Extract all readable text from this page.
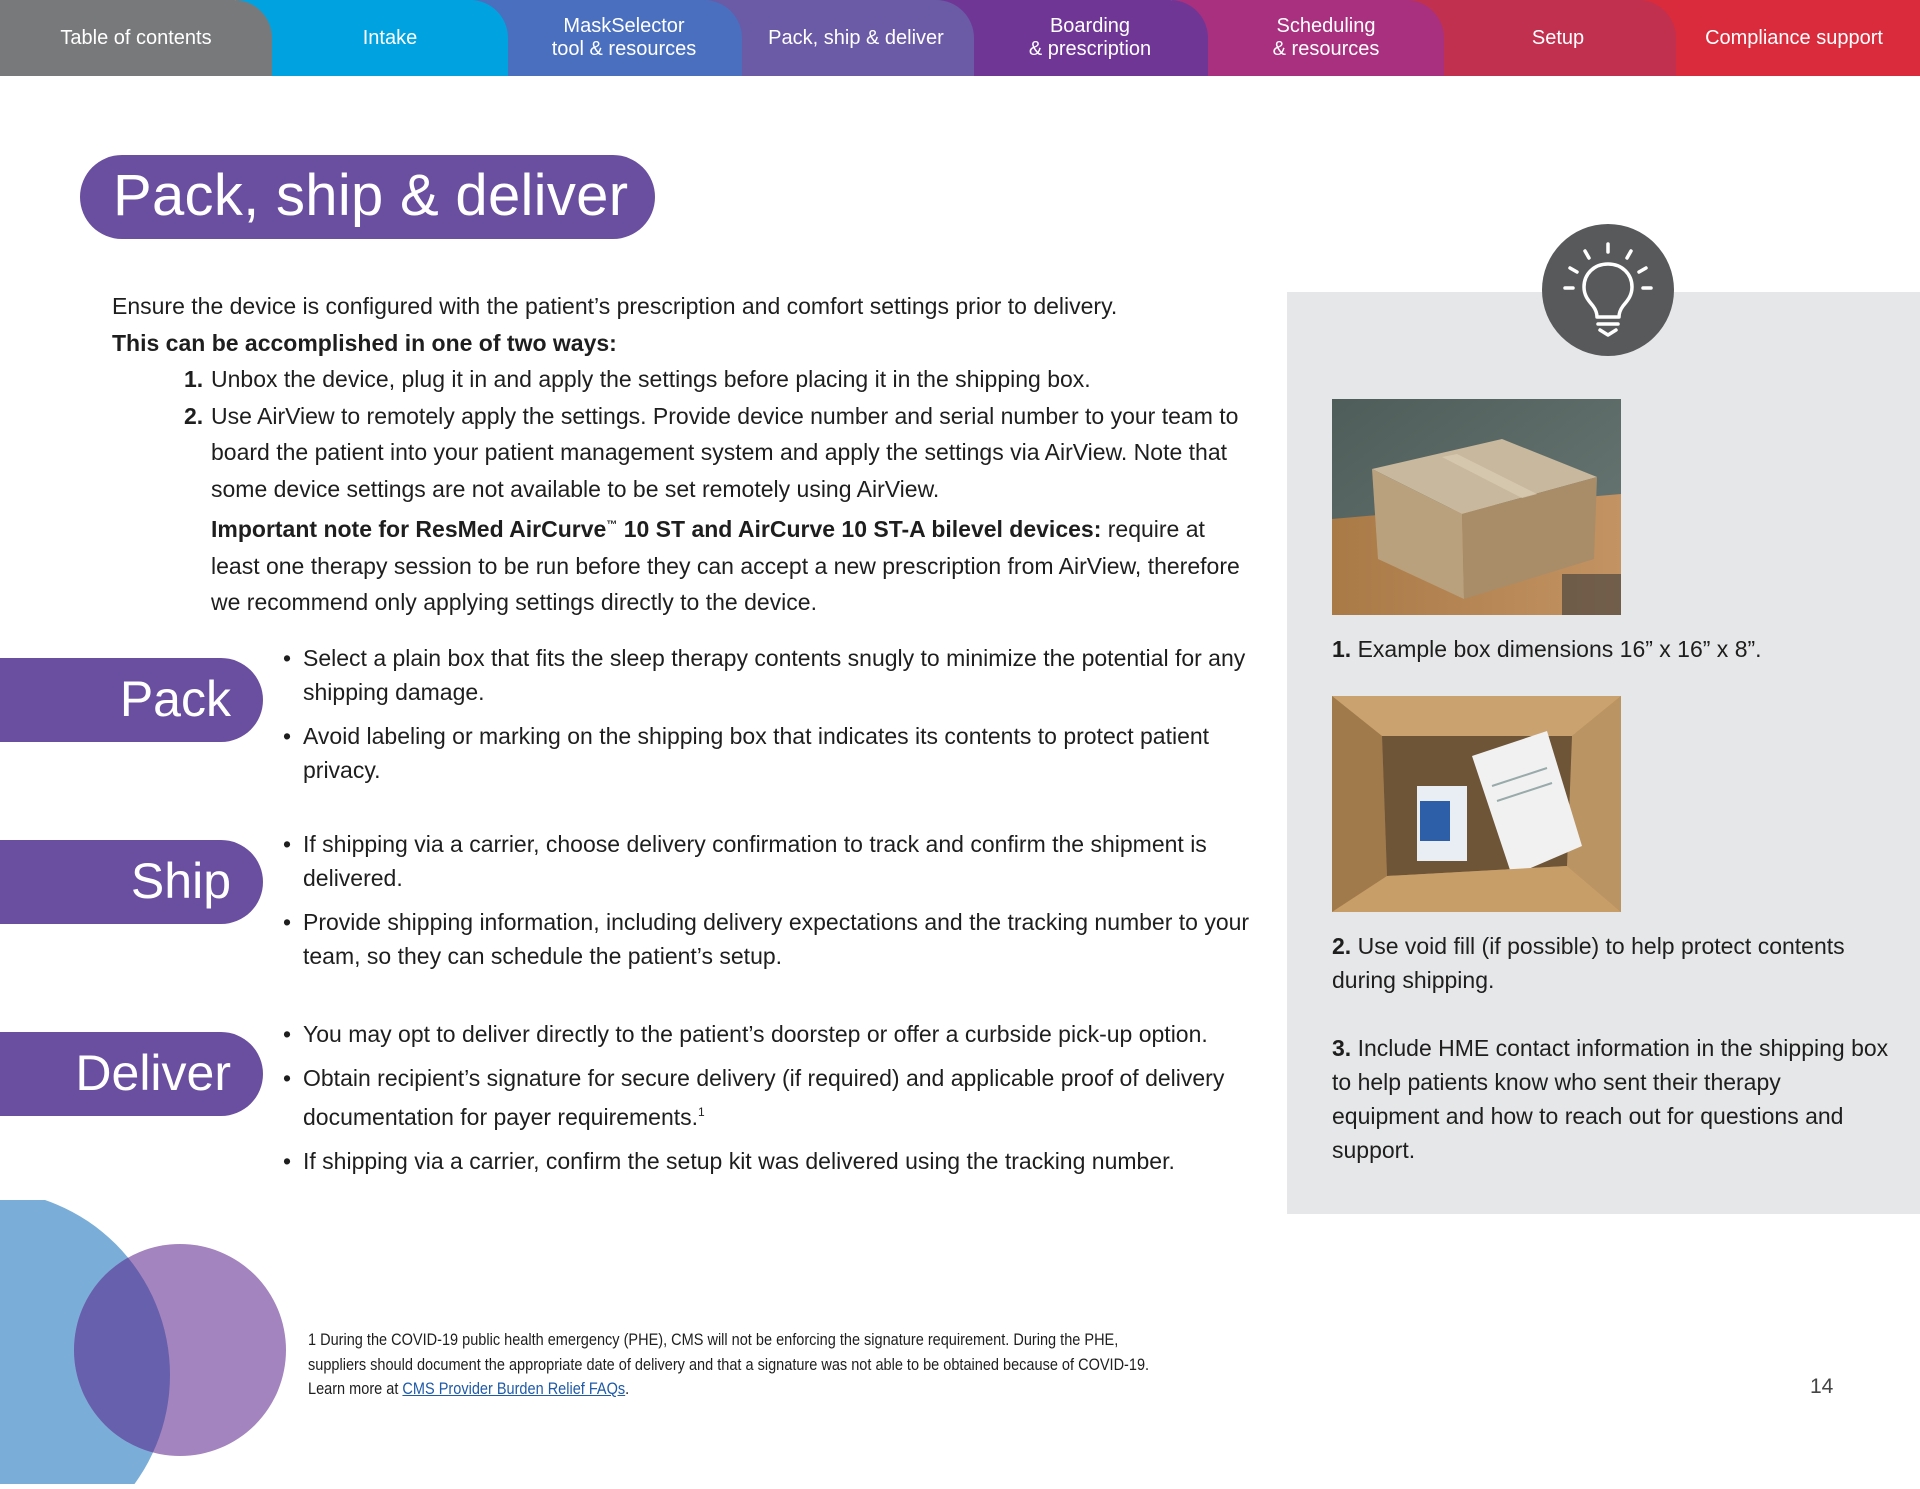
Table of contents	Intake
MaskSelector
tool & resources
Pack, ship & deliver
Boarding
& prescription
Scheduling
& resources
Setup	Compliance support
Pack, ship & deliver

Ensure the device is configured with the patient’s prescription and comfort settings prior to delivery.

This can be accomplished in one of two ways:

1. Unbox the device, plug it in and apply the settings before placing it in the shipping box.
2. Use AirView to remotely apply the settings. Provide device number and serial number to your team to board the patient into your patient management system and apply the settings via AirView. Note that some device settings are not available to be set remotely using AirView.
Important note for ResMed AirCurve™ 10 ST and AirCurve 10 ST-A bilevel devices: require at least one therapy session to be run before they can accept a new prescription from AirView, therefore we recommend only applying settings directly to the device.
Pack
• Select a plain box that fits the sleep therapy contents snugly to minimize the potential for any shipping damage.
• Avoid labeling or marking on the shipping box that indicates its contents to protect patient privacy.
Ship
• If shipping via a carrier, choose delivery confirmation to track and confirm the shipment is delivered.
• Provide shipping information, including delivery expectations and the tracking number to your team, so they can schedule the patient’s setup.
Deliver
• You may opt to deliver directly to the patient’s doorstep or offer a curbside pick-up option.
• Obtain recipient’s signature for secure delivery (if required) and applicable proof of delivery documentation for payer requirements.$^1$
• If shipping via a carrier, confirm the setup kit was delivered using the tracking number.
1. Example box dimensions 16” x 16” x 8”.
2. Use void fill (if possible) to help protect contents during shipping.
3. Include HME contact information in the shipping box to help patients know who sent their therapy equipment and how to reach out for questions and support.
1 During the COVID-19 public health emergency (PHE), CMS will not be enforcing the signature requirement. During the PHE, suppliers should document the appropriate date of delivery and that a signature was not able to be obtained because of COVID-19. Learn more at CMS Provider Burden Relief FAQs.	14
